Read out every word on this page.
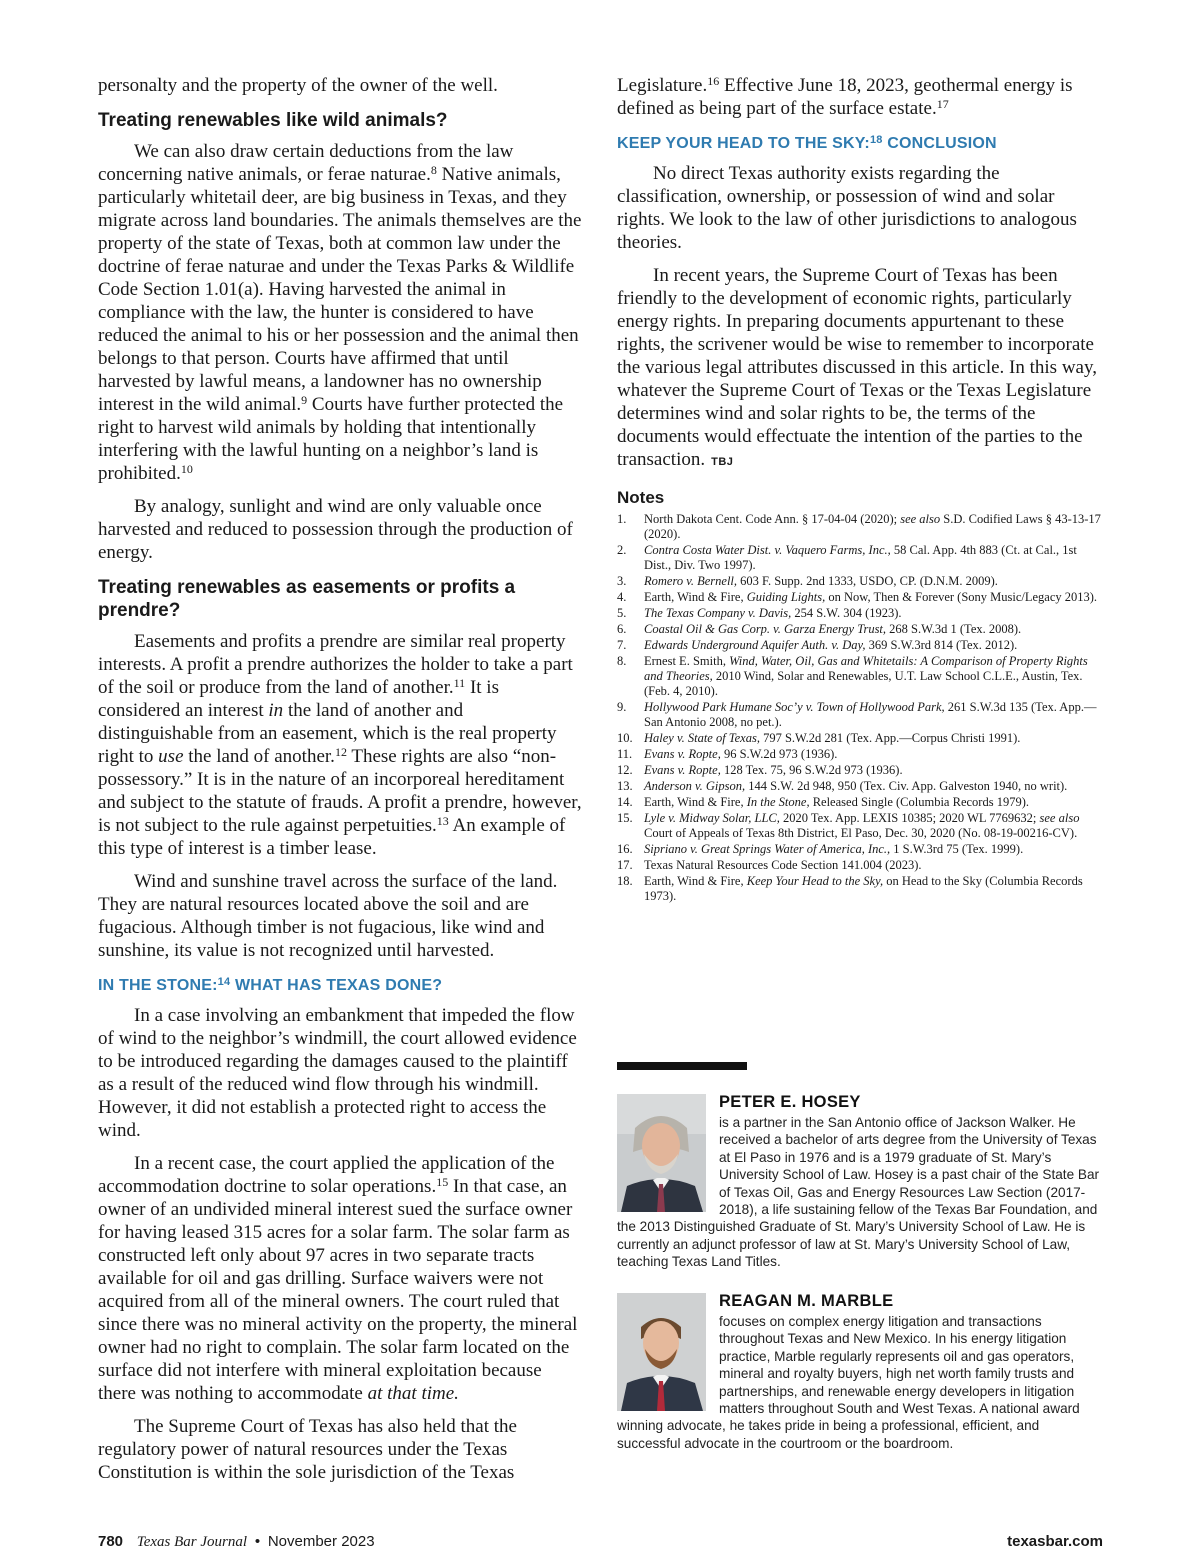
personalty and the property of the owner of the well.

Treating renewables like wild animals?

We can also draw certain deductions from the law concerning native animals, or ferae naturae.$^8$ Native animals, particularly whitetail deer, are big business in Texas, and they migrate across land boundaries. The animals themselves are the property of the state of Texas, both at common law under the doctrine of ferae naturae and under the Texas Parks & Wildlife Code Section 1.01(a). Having harvested the animal in compliance with the law, the hunter is considered to have reduced the animal to his or her possession and the animal then belongs to that person. Courts have affirmed that until harvested by lawful means, a landowner has no ownership interest in the wild animal.$^9$ Courts have further protected the right to harvest wild animals by holding that intentionally interfering with the lawful hunting on a neighbor’s land is prohibited.$^{10}$

By analogy, sunlight and wind are only valuable once harvested and reduced to possession through the production of energy.

Treating renewables as easements or profits a prendre?

Easements and profits a prendre are similar real property interests. A profit a prendre authorizes the holder to take a part of the soil or produce from the land of another.$^{11}$ It is considered an interest in the land of another and distinguishable from an easement, which is the real property right to use the land of another.$^{12}$ These rights are also “non-possessory.” It is in the nature of an incorporeal hereditament and subject to the statute of frauds. A profit a prendre, however, is not subject to the rule against perpetuities.$^{13}$ An example of this type of interest is a timber lease.

Wind and sunshine travel across the surface of the land. They are natural resources located above the soil and are fugacious. Although timber is not fugacious, like wind and sunshine, its value is not recognized until harvested.

IN THE STONE:$^{14}$ WHAT HAS TEXAS DONE?

In a case involving an embankment that impeded the flow of wind to the neighbor’s windmill, the court allowed evidence to be introduced regarding the damages caused to the plaintiff as a result of the reduced wind flow through his windmill. However, it did not establish a protected right to access the wind.

In a recent case, the court applied the application of the accommodation doctrine to solar operations.$^{15}$ In that case, an owner of an undivided mineral interest sued the surface owner for having leased 315 acres for a solar farm. The solar farm as constructed left only about 97 acres in two separate tracts available for oil and gas drilling. Surface waivers were not acquired from all of the mineral owners. The court ruled that since there was no mineral activity on the property, the mineral owner had no right to complain. The solar farm located on the surface did not interfere with mineral exploitation because there was nothing to accommodate at that time.

The Supreme Court of Texas has also held that the regulatory power of natural resources under the Texas Constitution is within the sole jurisdiction of the Texas

Legislature.$^{16}$ Effective June 18, 2023, geothermal energy is defined as being part of the surface estate.$^{17}$

KEEP YOUR HEAD TO THE SKY:$^{18}$ CONCLUSION

No direct Texas authority exists regarding the classification, ownership, or possession of wind and solar rights. We look to the law of other jurisdictions to analogous theories.

In recent years, the Supreme Court of Texas has been friendly to the development of economic rights, particularly energy rights. In preparing documents appurtenant to these rights, the scrivener would be wise to remember to incorporate the various legal attributes discussed in this article. In this way, whatever the Supreme Court of Texas or the Texas Legislature determines wind and solar rights to be, the terms of the documents would effectuate the intention of the parties to the transaction. TBJ

Notes
1.	North Dakota Cent. Code Ann. § 17-04-04 (2020); see also S.D. Codified Laws § 43-13-17 (2020).
2.	Contra Costa Water Dist. v. Vaquero Farms, Inc., 58 Cal. App. 4th 883 (Ct. at Cal., 1st Dist., Div. Two 1997).
3.	Romero v. Bernell, 603 F. Supp. 2nd 1333, USDO, CP. (D.N.M. 2009).
4.	Earth, Wind & Fire, Guiding Lights, on Now, Then & Forever (Sony Music/Legacy 2013).
5.	The Texas Company v. Davis, 254 S.W. 304 (1923).
6.	Coastal Oil & Gas Corp. v. Garza Energy Trust, 268 S.W.3d 1 (Tex. 2008).
7.	Edwards Underground Aquifer Auth. v. Day, 369 S.W.3rd 814 (Tex. 2012).
8.	Ernest E. Smith, Wind, Water, Oil, Gas and Whitetails: A Comparison of Property Rights and Theories, 2010 Wind, Solar and Renewables, U.T. Law School C.L.E., Austin, Tex. (Feb. 4, 2010).
9.	Hollywood Park Humane Soc’y v. Town of Hollywood Park, 261 S.W.3d 135 (Tex. App.—San Antonio 2008, no pet.).
10. Haley v. State of Texas, 797 S.W.2d 281 (Tex. App.—Corpus Christi 1991).
11. Evans v. Ropte, 96 S.W.2d 973 (1936).
12. Evans v. Ropte, 128 Tex. 75, 96 S.W.2d 973 (1936).
13. Anderson v. Gipson, 144 S.W. 2d 948, 950 (Tex. Civ. App. Galveston 1940, no writ).
14. Earth, Wind & Fire, In the Stone, Released Single (Columbia Records 1979).
15. Lyle v. Midway Solar, LLC, 2020 Tex. App. LEXIS 10385; 2020 WL 7769632; see also Court of Appeals of Texas 8th District, El Paso, Dec. 30, 2020 (No. 08-19-00216-CV).
16. Sipriano v. Great Springs Water of America, Inc., 1 S.W.3rd 75 (Tex. 1999).
17. Texas Natural Resources Code Section 141.004 (2023).
18. Earth, Wind & Fire, Keep Your Head to the Sky, on Head to the Sky (Columbia Records 1973).
PETER E. HOSEY
is a partner in the San Antonio office of Jackson Walker. He received a bachelor of arts degree from the University of Texas at El Paso in 1976 and is a 1979 graduate of St. Mary’s University School of Law. Hosey is a past chair of the State Bar of Texas Oil, Gas and Energy Resources Law Section (2017-2018), a life sustaining fellow of the Texas Bar Foundation, and the 2013 Distinguished Graduate of St. Mary’s University School of Law. He is currently an adjunct professor of law at St. Mary’s University School of Law, teaching Texas Land Titles.
REAGAN M. MARBLE
focuses on complex energy litigation and transactions throughout Texas and New Mexico. In his energy litigation practice, Marble regularly represents oil and gas operators, mineral and royalty buyers, high net worth family trusts and partnerships, and renewable energy developers in litigation matters throughout South and West Texas. A national award winning advocate, he takes pride in being a professional, efficient, and successful advocate in the courtroom or the boardroom.
780 Texas Bar Journal • November 2023	texasbar.com
